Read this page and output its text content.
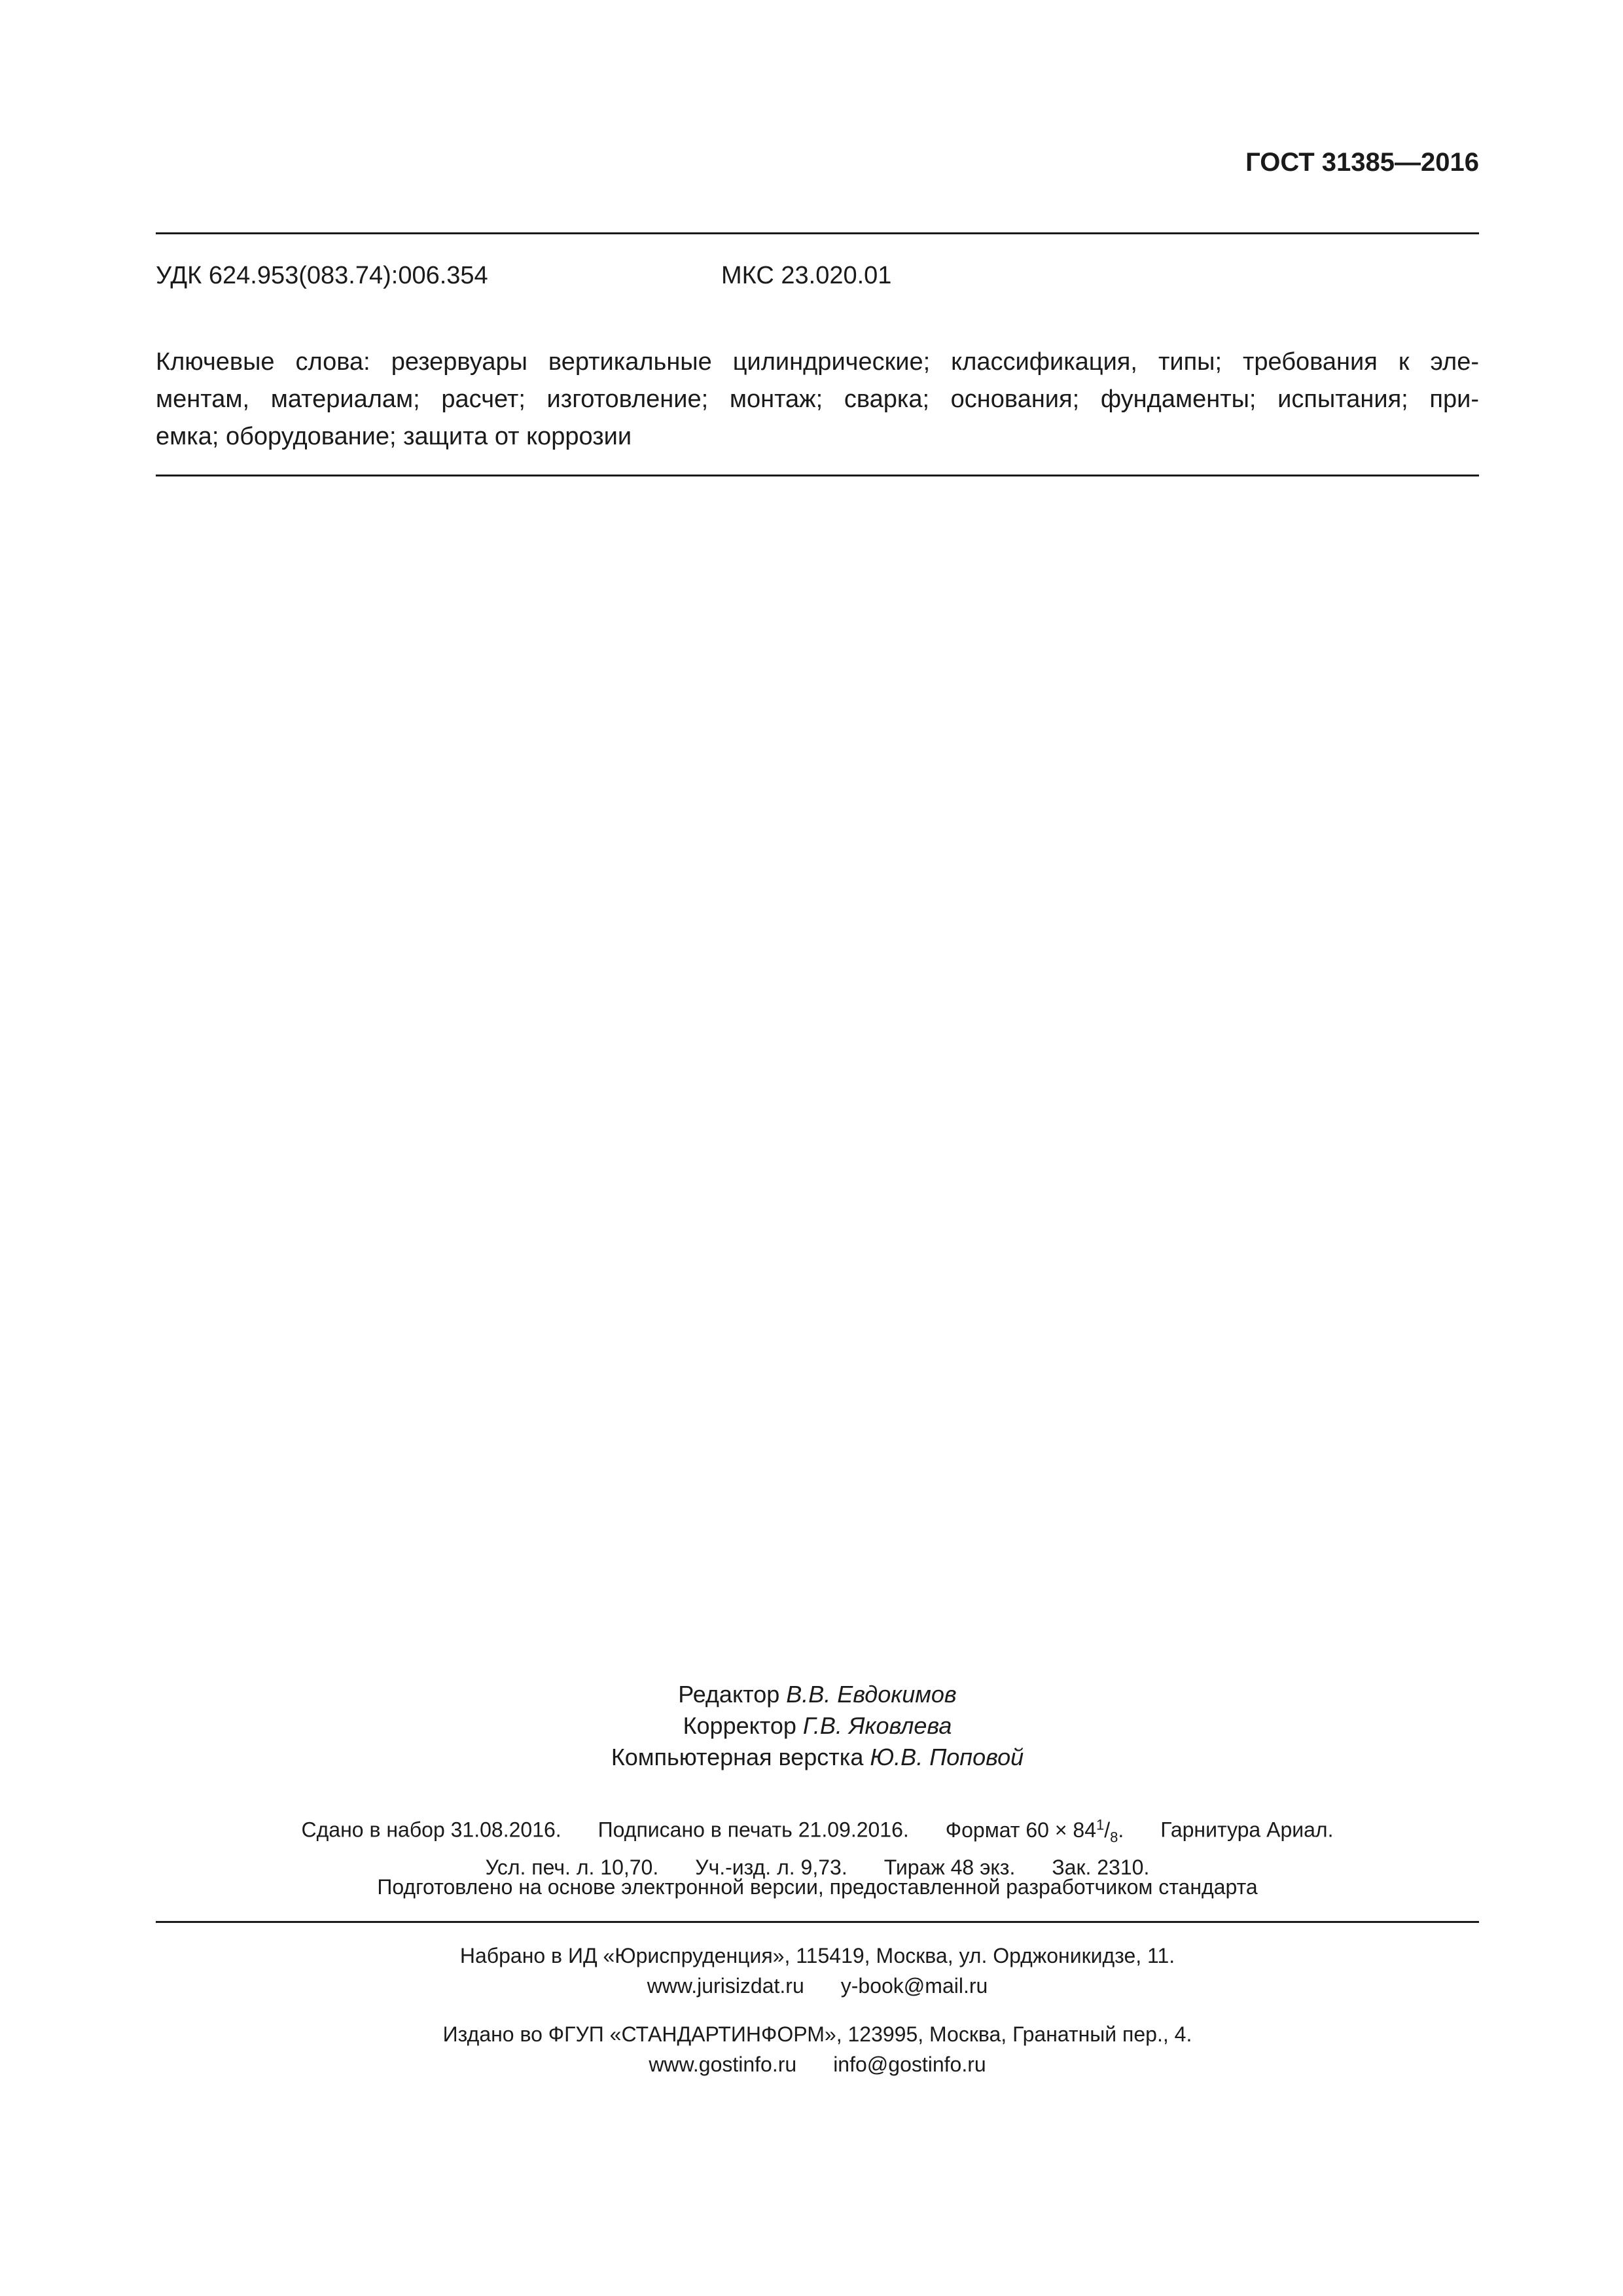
ГОСТ 31385—2016
УДК 624.953(083.74):006.354	МКС 23.020.01
Ключевые слова: резервуары вертикальные цилиндрические; классификация, типы; требования к эле-
ментам, материалам; расчет; изготовление; монтаж; сварка; основания; фундаменты; испытания; при-
емка; оборудование; защита от коррозии
Редактор В.В. Евдокимов
Корректор Г.В. Яковлева
Компьютерная верстка Ю.В. Поповой
Сдано в набор 31.08.2016. Подписано в печать 21.09.2016. Формат $60 \times 84^1/_8$. Гарнитура Ариал.
Усл. печ. л. 10,70. Уч.-изд. л. 9,73. Тираж 48 экз. Зак. 2310.
Подготовлено на основе электронной версии, предоставленной разработчиком стандарта
Набрано в ИД «Юриспруденция», 115419, Москва, ул. Орджоникидзе, 11.
www.jurisizdat.ru y-book@mail.ru
Издано во ФГУП «СТАНДАРТИНФОРМ», 123995, Москва, Гранатный пер., 4.
www.gostinfo.ru info@gostinfo.ru
